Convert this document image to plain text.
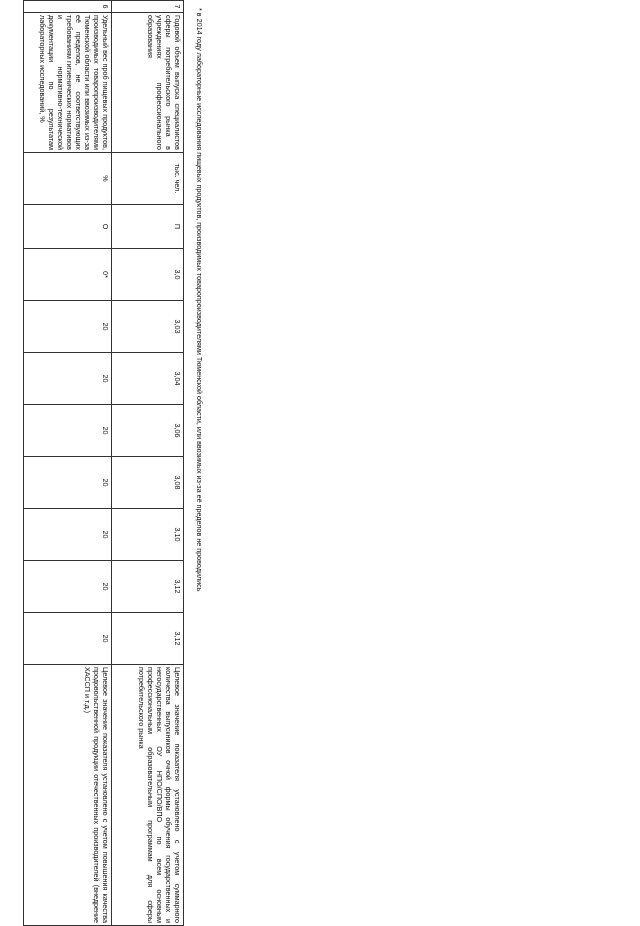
* в 2014 году лабораторные исследования пищевых продуктов, производимых товаропроизводителями Тюменской области, или ввозимых из-за её пределов не проводились
7	Годовой объем выпуска специалистов сферы потребительского рынка в учреждениях профессионального образования	тыс. чел.	П	3,0	3,03	3,04	3,06	3,08	3,10	3,12	3,12	Целевое значение показателя установлено с учетом суммарного количества выпускников очной формы обучения государственных и негосударственных ОУ НПО/СПО/ВПО по всем основным профессиональным образовательным программам для сферы потребительского рынка
6	Удельный вес проб пищевых продуктов, производимых товаропроизводителями Тюменской области или ввозимых из-за её пределов, не соответствующих требованиям гигиенических нормативов и нормативно-технической документации по результатам лабораторных исследований, %	%	О	0*	20	20	20	20	20	20	20	Целевое значение показателя установлено с учетом повышения качества продовольственной продукции отечественных производителей (внедрение ХАССП и т.д.)
